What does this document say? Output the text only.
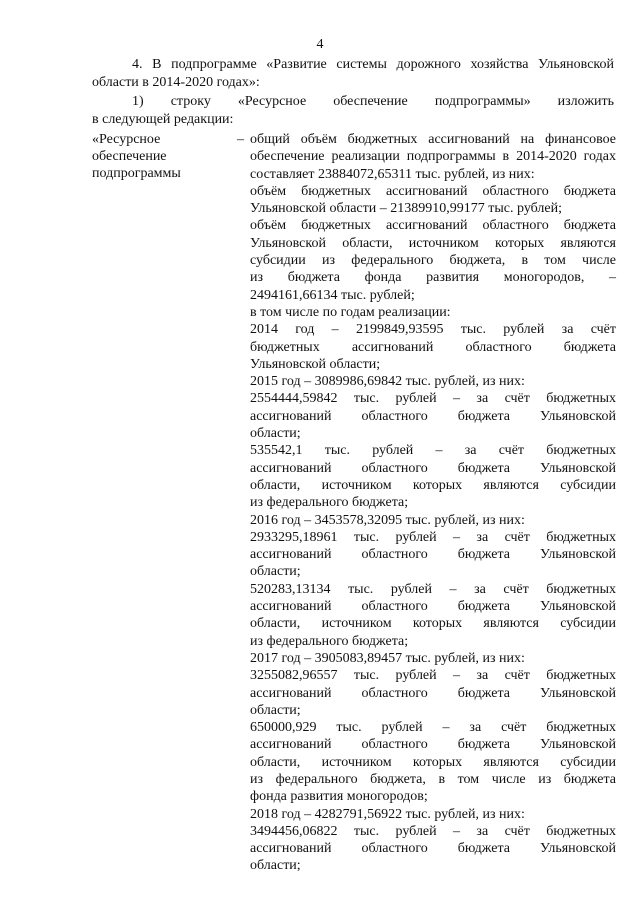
4

4. В подпрограмме «Развитие системы дорожного хозяйства Ульяновской

области в 2014-2020 годах»:

1) строку «Ресурсное обеспечение подпрограммы» изложить

в следующей редакции:

«Ресурсное
обеспечение
подпрограммы
– общий объём бюджетных ассигнований на финансовое
обеспечение реализации подпрограммы в 2014-2020 годах
составляет 23884072,65311 тыс. рублей, из них:
объём бюджетных ассигнований областного бюджета
Ульяновской области – 21389910,99177 тыс. рублей;
объём бюджетных ассигнований областного бюджета
Ульяновской области, источником которых являются
субсидии из федерального бюджета, в том числе
из бюджета фонда развития моногородов, –
2494161,66134 тыс. рублей;
в том числе по годам реализации:
2014 год – 2199849,93595 тыс. рублей за счёт
бюджетных ассигнований областного бюджета
Ульяновской области;
2015 год – 3089986,69842 тыс. рублей, из них:
2554444,59842 тыс. рублей – за счёт бюджетных
ассигнований областного бюджета Ульяновской
области;
535542,1 тыс. рублей – за счёт бюджетных
ассигнований областного бюджета Ульяновской
области, источником которых являются субсидии
из федерального бюджета;
2016 год – 3453578,32095 тыс. рублей, из них:
2933295,18961 тыс. рублей – за счёт бюджетных
ассигнований областного бюджета Ульяновской
области;
520283,13134 тыс. рублей – за счёт бюджетных
ассигнований областного бюджета Ульяновской
области, источником которых являются субсидии
из федерального бюджета;
2017 год – 3905083,89457 тыс. рублей, из них:
3255082,96557 тыс. рублей – за счёт бюджетных
ассигнований областного бюджета Ульяновской
области;
650000,929 тыс. рублей – за счёт бюджетных
ассигнований областного бюджета Ульяновской
области, источником которых являются субсидии
из федерального бюджета, в том числе из бюджета
фонда развития моногородов;
2018 год – 4282791,56922 тыс. рублей, из них:
3494456,06822 тыс. рублей – за счёт бюджетных
ассигнований областного бюджета Ульяновской
области;
